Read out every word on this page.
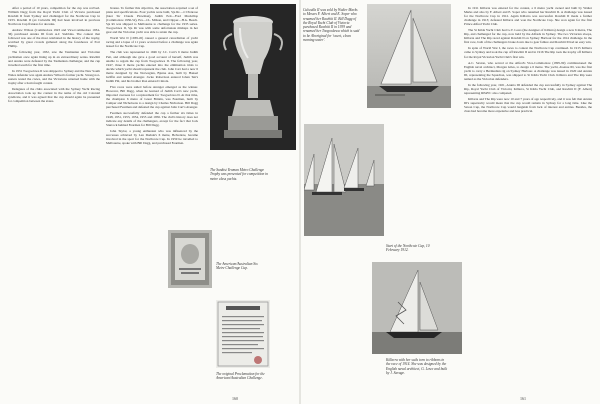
After a period of 10 years, competition for the cup was revived. William Dagg from the Royal Yacht Club of Victoria purchased Rawhiti II from Sydney and challenged for the Northcote Cup in 1933. Rawhiti II (ex Culwulla III) had been involved in previous Northcote Cup fixtures for decades.

Andrew Wilson (Commodore 1923 and Vice-Commodore 1934-36) purchased Arunta III from A.C Stebbins. The contest that followed was one of the most celebrated in the history of the trophy, watched by great crowds gathered along the foreshores of Port Phillip.

The following year, 1932, saw the Tasmanian and Victorian yachtsmen once again lining up in an extraordinary series. Rawhiti and Arunta were defeated by the Tasmanian challenger, and the cup travelled south for the first time.

In 1931 Toogoolawa II was shipped to Sydney and the New South Wales defender was again Andrew Wilson's former yacht. Strong nor-easters tested the crews, and the Victorians returned home with the trophy after a hard-fought contest.

Delegates of the clubs associated with the Sydney Yacht Racing Association took up the contest in the name of the old Colonial syndicate, and it was agreed that the cup should again be presented for competition between the states.

bronze. To further this objective, the association acquired a set of plans and specifications. Four yachts were built, Sja Rr.—Cl Penrose (later Sir Claude Plowman), Judith Pett—Fred Mackillop (Commodore 1936-52), Era—J.L. Milson, and Clipper—H.G. Beach. Sja Rr was shipped to Melbourne to challenge for the 1935 series. Toogoolawa II, Sja Rr was with some unfortunate mishaps in her gear and the Victorian yacht was able to retain the cup.

World War II (1939-45) caused a general cancellation of yacht racing and a lapse of 11 years occurred before a challenge was again issued for the Northcote Cup.

The club was represented in 1946 by J.C. Carr's 6 metre Judith Pett, and although she gave a good account of herself, Judith was unable to regain the cup from Toogoolawa II. The following year, 1947, three 6 metre yachts entered into the elimination trials to decide which yacht should represent the club. John Carr had a new 6 metre designed by the Norwegian, Bjarne Aas, built by Hansel Griffin and named Avenger. Jocko Robertson entered Johan Ten's Judith Pitt, and his brother Ron entered Cintola.

Five races were sailed before Avenger emerged as the winner. However, Bill Dagg, when he learned of Judith Carr's new yacht, imported overseas for a replacement for Toogoolawa II. At that time, the champion 6 metre of Great Britain, was Fearmen, built by Camper and Nicholsons to a design by Charles Nicholson. Bill Dagg purchased Fearmen and defeated the cup against John Carr's Avenger.

Fearmen successfully defended the cup a further six times in 1948, 1951, 1953, 1954, 1955 and 1956. The club's history does not indicate any details of the challengers, except for the fact that Jock Sturrock helmed Fearmen for Bill Dagg.

John Taylor, a young enthusiast who was influenced by the successes achieved by Len Dudale's 6 metre, Belvedere, became involved in the sport for the Northcote Cup. In 1959 he travelled to Melbourne, spoke with Bill Dagg, and purchased Fearmen.

The Sunkist Yeoman Metro Challenge Trophy was presented for competition in metre class yachts.
The American/Australian Six Metre Challenge Cup.
The original Proclamation for the American/Australian Challenge.
160
Culwulla II was sold by Walter Marks to Messrs F. Albert and E. Soper who renamed her Rawhiti II. Bill Dagg of the Royal Yacht Club of Victoria purchased Rawhiti II in 1939 and renamed her Toogoolawa which is said to be Aboriginal for 'sweet, clean running water'.
Start of the Northcote Cup, 10 February 1912.
Killarra with her sails torn to ribbons in the race of 1914. She was designed by the English naval architect, G. Lowe and built by J. Savage.

In 1911 Killarra was entered for the contest, a 6 metre yacht owned and built by Walter Marks and also by F. Albert and E. Soper who renamed her Rawhiti II. A challenge was issued for the Northcote Cup in 1912. Again Killarra was successful. Rawhiti II made a further challenge in 1913; defeated Killarra and won the Northcote Cup. She won again for the first Prince Alfred Yacht Club.

The St Kilda Yacht Club had G.V. Laws (the designer of Killarra) design a new 6 metre, The Rip, and challenged for the cup, now held by the Alfreds in Sydney. The two Victorian sloops, Killarra and The Rip raced against Rawhiti II on Sydney Harbour for the 1914 challenge. In the first race, both of the challengers broke down due to gear failure and Rawhiti II had an easy win.

In spite of World War I, the races to contest the Northcote Cup continued. In 1915 Killarra came to Sydney and took the cup off Rawhiti II and in 1916 The Rip took the trophy off Killarra for the Royal Victorian Yacht Club's first win.

A.C. Saxton, who served at the Alfred's Vice-Commodore (1895-99) commissioned the English naval architect, Morgan Giles, to design a 6 metre. The yacht, Avenue III, was the first yacht to carry a Bermudian rig on Sydney Harbour. A challenge was issued in 1920 and Arunta III, representing the Squadron, was shipped to St Kilda Yacht Club. Killarra and The Rip were named as the Victorian defenders.

In the following year, 1921, Arunta III defended the cup successfully in Sydney against The Rip, Royal Yacht Club of Victoria; Killarra, St Kilda Yacht Club, and Rawhiti II (F. Albert) representing RPAYC also competed.

Killarra and The Rip were now 10 and 7 years of age respectively, and it was felt that Arunta III's superiority would mean that the cup would remain in Sydney for a long time. Like the Saxon Cup, the Northcote Cup would languish from lack of interest and entries. Besides, the class had become more expensive and less practical.

161
